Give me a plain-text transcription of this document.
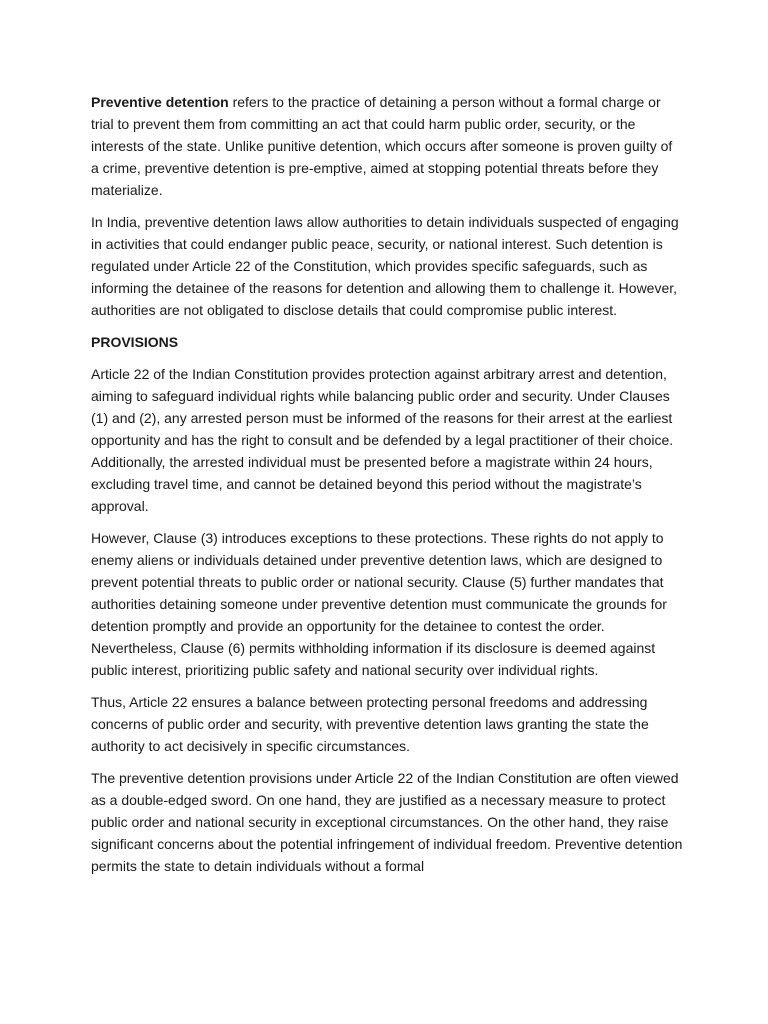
Preventive detention refers to the practice of detaining a person without a formal charge or trial to prevent them from committing an act that could harm public order, security, or the interests of the state. Unlike punitive detention, which occurs after someone is proven guilty of a crime, preventive detention is pre-emptive, aimed at stopping potential threats before they materialize.

In India, preventive detention laws allow authorities to detain individuals suspected of engaging in activities that could endanger public peace, security, or national interest. Such detention is regulated under Article 22 of the Constitution, which provides specific safeguards, such as informing the detainee of the reasons for detention and allowing them to challenge it. However, authorities are not obligated to disclose details that could compromise public interest.

PROVISIONS

Article 22 of the Indian Constitution provides protection against arbitrary arrest and detention, aiming to safeguard individual rights while balancing public order and security. Under Clauses (1) and (2), any arrested person must be informed of the reasons for their arrest at the earliest opportunity and has the right to consult and be defended by a legal practitioner of their choice. Additionally, the arrested individual must be presented before a magistrate within 24 hours, excluding travel time, and cannot be detained beyond this period without the magistrate’s approval.

However, Clause (3) introduces exceptions to these protections. These rights do not apply to enemy aliens or individuals detained under preventive detention laws, which are designed to prevent potential threats to public order or national security. Clause (5) further mandates that authorities detaining someone under preventive detention must communicate the grounds for detention promptly and provide an opportunity for the detainee to contest the order. Nevertheless, Clause (6) permits withholding information if its disclosure is deemed against public interest, prioritizing public safety and national security over individual rights.

Thus, Article 22 ensures a balance between protecting personal freedoms and addressing concerns of public order and security, with preventive detention laws granting the state the authority to act decisively in specific circumstances.

The preventive detention provisions under Article 22 of the Indian Constitution are often viewed as a double-edged sword. On one hand, they are justified as a necessary measure to protect public order and national security in exceptional circumstances. On the other hand, they raise significant concerns about the potential infringement of individual freedom. Preventive detention permits the state to detain individuals without a formal
